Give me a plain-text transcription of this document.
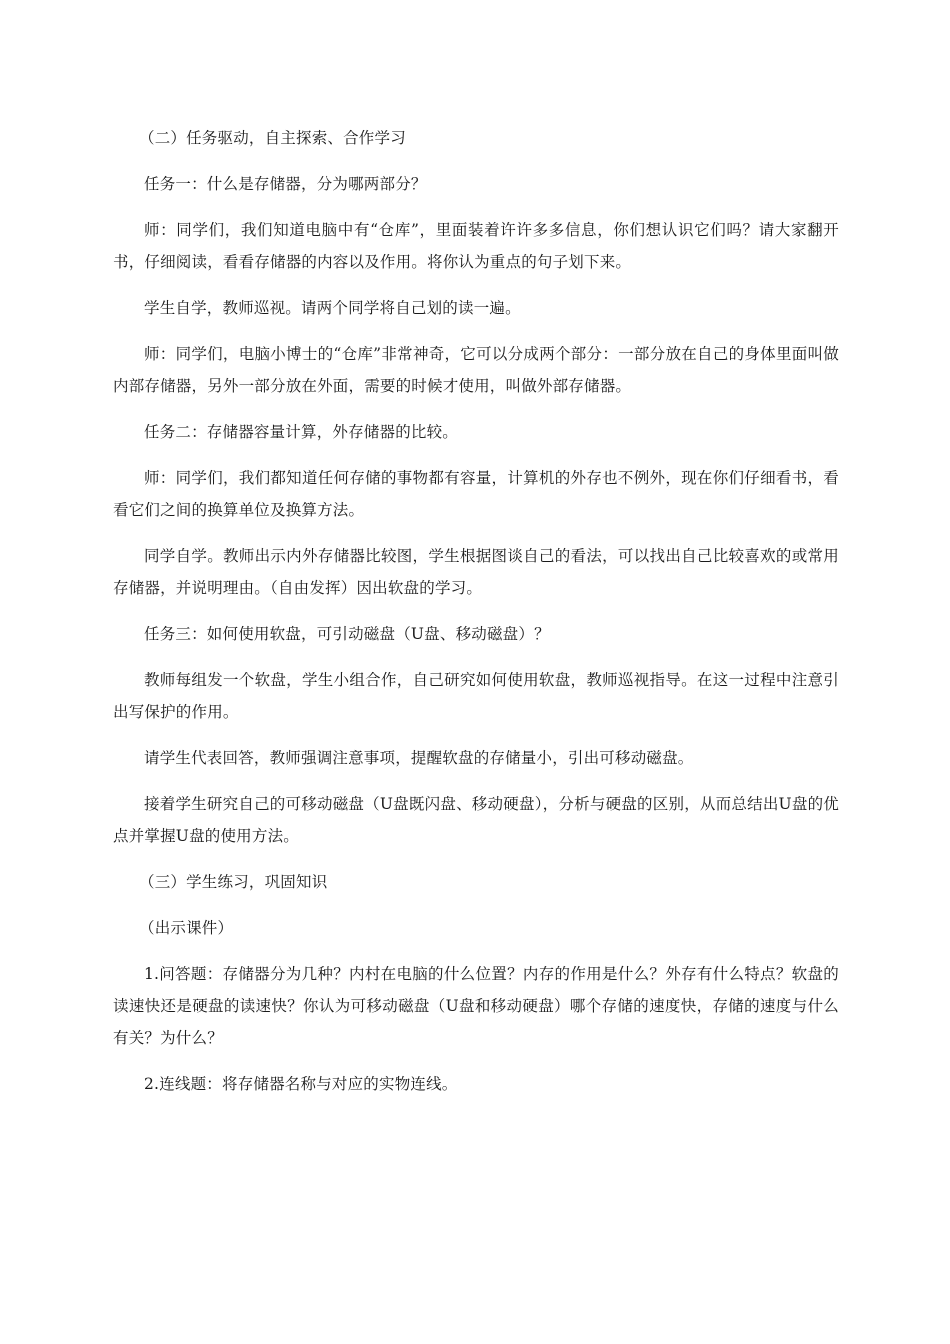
（二）任务驱动，自主探索、合作学习

任务一：什么是存储器，分为哪两部分？

师：同学们，我们知道电脑中有“仓库”，里面装着许许多多信息，你们想认识它们吗？请大家翻开书，仔细阅读，看看存储器的内容以及作用。将你认为重点的句子划下来。

学生自学，教师巡视。请两个同学将自己划的读一遍。

师：同学们，电脑小博士的“仓库”非常神奇，它可以分成两个部分：一部分放在自己的身体里面叫做内部存储器，另外一部分放在外面，需要的时候才使用，叫做外部存储器。

任务二：存储器容量计算，外存储器的比较。

师：同学们，我们都知道任何存储的事物都有容量，计算机的外存也不例外，现在你们仔细看书，看看它们之间的换算单位及换算方法。

同学自学。教师出示内外存储器比较图，学生根据图谈自己的看法，可以找出自己比较喜欢的或常用存储器，并说明理由。（自由发挥）因出软盘的学习。

任务三：如何使用软盘，可引动磁盘（U盘、移动磁盘）？

教师每组发一个软盘，学生小组合作，自己研究如何使用软盘，教师巡视指导。在这一过程中注意引出写保护的作用。

请学生代表回答，教师强调注意事项，提醒软盘的存储量小，引出可移动磁盘。

接着学生研究自己的可移动磁盘（U盘既闪盘、移动硬盘），分析与硬盘的区别，从而总结出U盘的优点并掌握U盘的使用方法。

（三）学生练习，巩固知识

（出示课件）

1.问答题：存储器分为几种？内村在电脑的什么位置？内存的作用是什么？外存有什么特点？软盘的读速快还是硬盘的读速快？你认为可移动磁盘（U盘和移动硬盘）哪个存储的速度快，存储的速度与什么有关？为什么？

2.连线题：将存储器名称与对应的实物连线。
